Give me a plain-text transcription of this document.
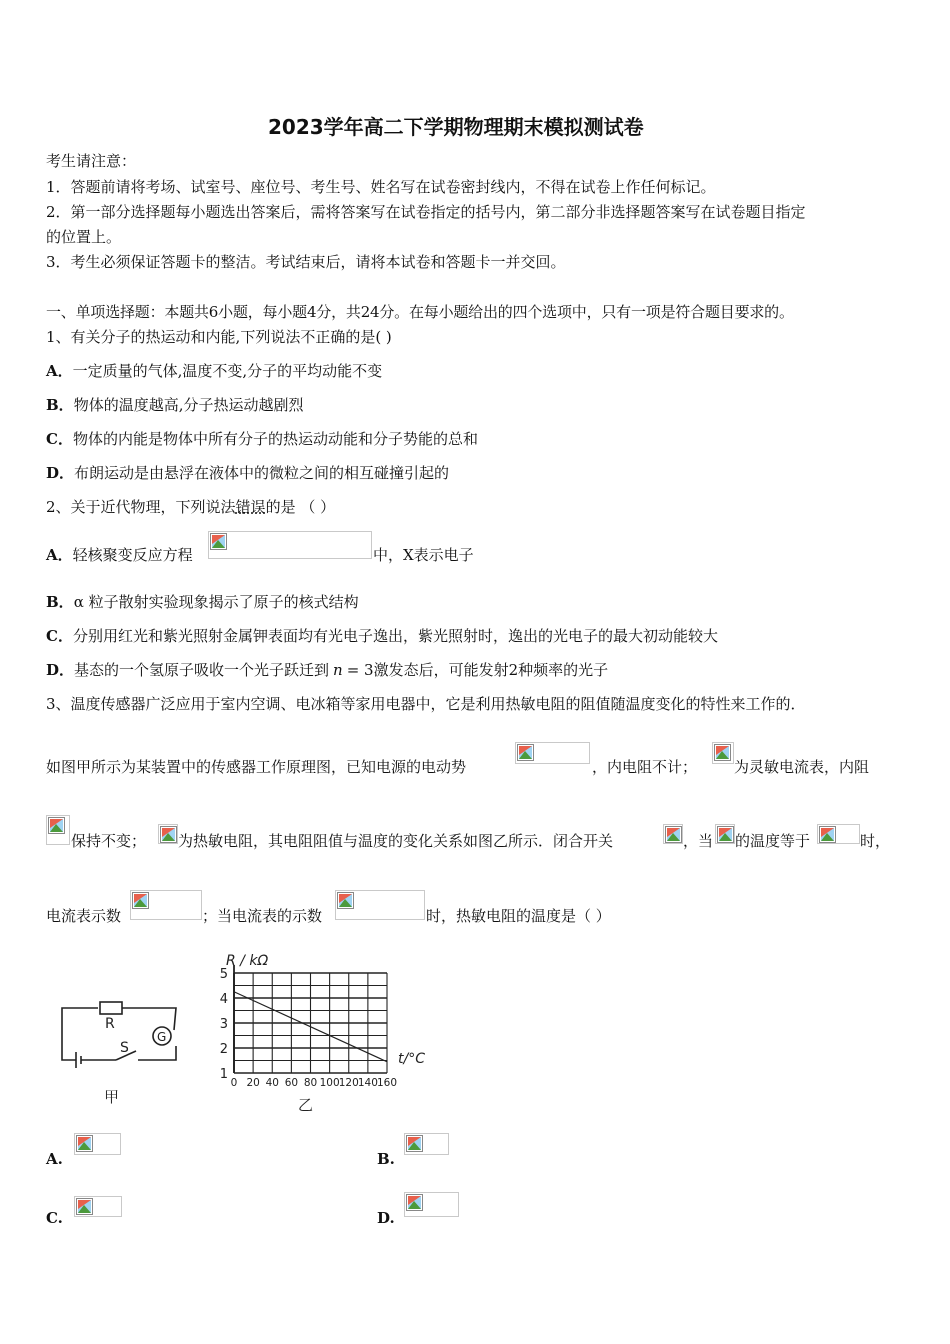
2023学年高二下学期物理期末模拟测试卷
考生请注意：
1．答题前请将考场、试室号、座位号、考生号、姓名写在试卷密封线内，不得在试卷上作任何标记。
2．第一部分选择题每小题选出答案后，需将答案写在试卷指定的括号内，第二部分非选择题答案写在试卷题目指定
的位置上。
3．考生必须保证答题卡的整洁。考试结束后，请将本试卷和答题卡一并交回。
一、单项选择题：本题共6小题，每小题4分，共24分。在每小题给出的四个选项中，只有一项是符合题目要求的。
1、有关分子的热运动和内能,下列说法不正确的是( )
A．一定质量的气体,温度不变,分子的平均动能不变
B．物体的温度越高,分子热运动越剧烈
C．物体的内能是物体中所有分子的热运动动能和分子势能的总和
D．布朗运动是由悬浮在液体中的微粒之间的相互碰撞引起的
2、关于近代物理，下列说法错误的是 （ ）
A．轻核聚变反应方程	中，X表示电子
B．α 粒子散射实验现象揭示了原子的核式结构
C．分别用红光和紫光照射金属钾表面均有光电子逸出，紫光照射时，逸出的光电子的最大初动能较大
D．基态的一个氢原子吸收一个光子跃迁到 n = 3激发态后，可能发射2种频率的光子
3、温度传感器广泛应用于室内空调、电冰箱等家用电器中，它是利用热敏电阻的阻值随温度变化的特性来工作的．
如图甲所示为某装置中的传感器工作原理图，已知电源的电动势	，内电阻不计； 为灵敏电流表，内阻
保持不变； 为热敏电阻，其电阻阻值与温度的变化关系如图乙所示．闭合开关	，当 的温度等于	时，
电流表示数	；当电流表的示数	时，热敏电阻的温度是（ ）
R
G
S
甲
0 20 40 60 80 100 120 140 160
1
2
3
4
5
R / kΩ
t/°C
乙
A.	B.
C.	D.
